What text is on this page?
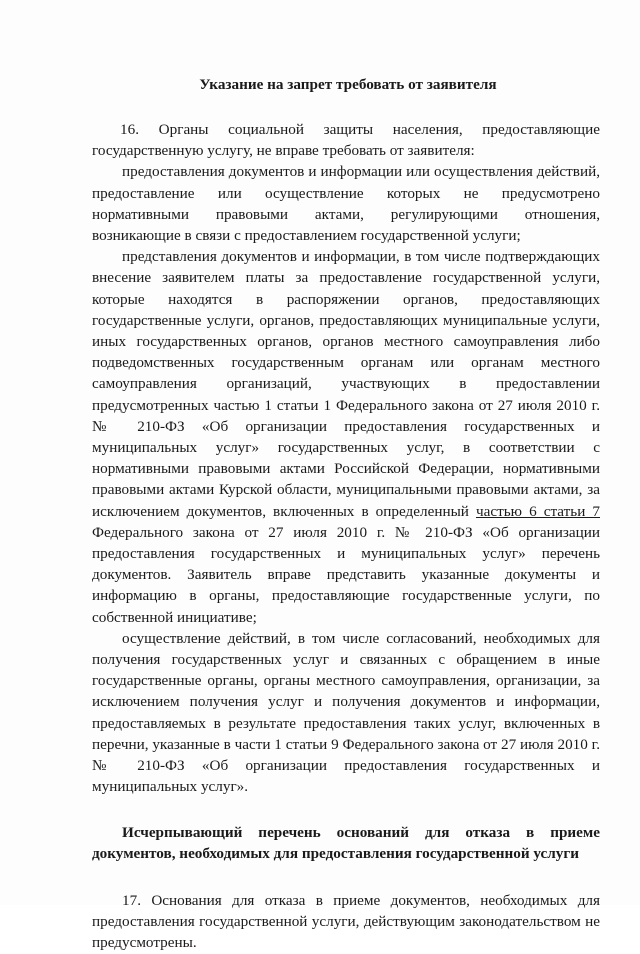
Указание на запрет требовать от заявителя

16. Органы социальной защиты населения, предоставляющие государственную услугу, не вправе требовать от заявителя:

предоставления документов и информации или осуществления действий, предоставление или осуществление которых не предусмотрено нормативными правовыми актами, регулирующими отношения, возникающие в связи с предоставлением государственной услуги;

представления документов и информации, в том числе подтверждающих внесение заявителем платы за предоставление государственной услуги, которые находятся в распоряжении органов, предоставляющих государственные услуги, органов, предоставляющих муниципальные услуги, иных государственных органов, органов местного самоуправления либо подведомственных государственным органам или органам местного самоуправления организаций, участвующих в предоставлении предусмотренных частью 1 статьи 1 Федерального закона от 27 июля 2010 г. № 210-ФЗ «Об организации предоставления государственных и муниципальных услуг» государственных услуг, в соответствии с нормативными правовыми актами Российской Федерации, нормативными правовыми актами Курской области, муниципальными правовыми актами, за исключением документов, включенных в определенный частью 6 статьи 7 Федерального закона от 27 июля 2010 г. № 210-ФЗ «Об организации предоставления государственных и муниципальных услуг» перечень документов. Заявитель вправе представить указанные документы и информацию в органы, предоставляющие государственные услуги, по собственной инициативе;

осуществление действий, в том числе согласований, необходимых для получения государственных услуг и связанных с обращением в иные государственные органы, органы местного самоуправления, организации, за исключением получения услуг и получения документов и информации, предоставляемых в результате предоставления таких услуг, включенных в перечни, указанные в части 1 статьи 9 Федерального закона от 27 июля 2010 г. № 210-ФЗ «Об организации предоставления государственных и муниципальных услуг».

Исчерпывающий перечень оснований для отказа в приеме документов, необходимых для предоставления государственной услуги

17. Основания для отказа в приеме документов, необходимых для предоставления государственной услуги, действующим законодательством не предусмотрены.
